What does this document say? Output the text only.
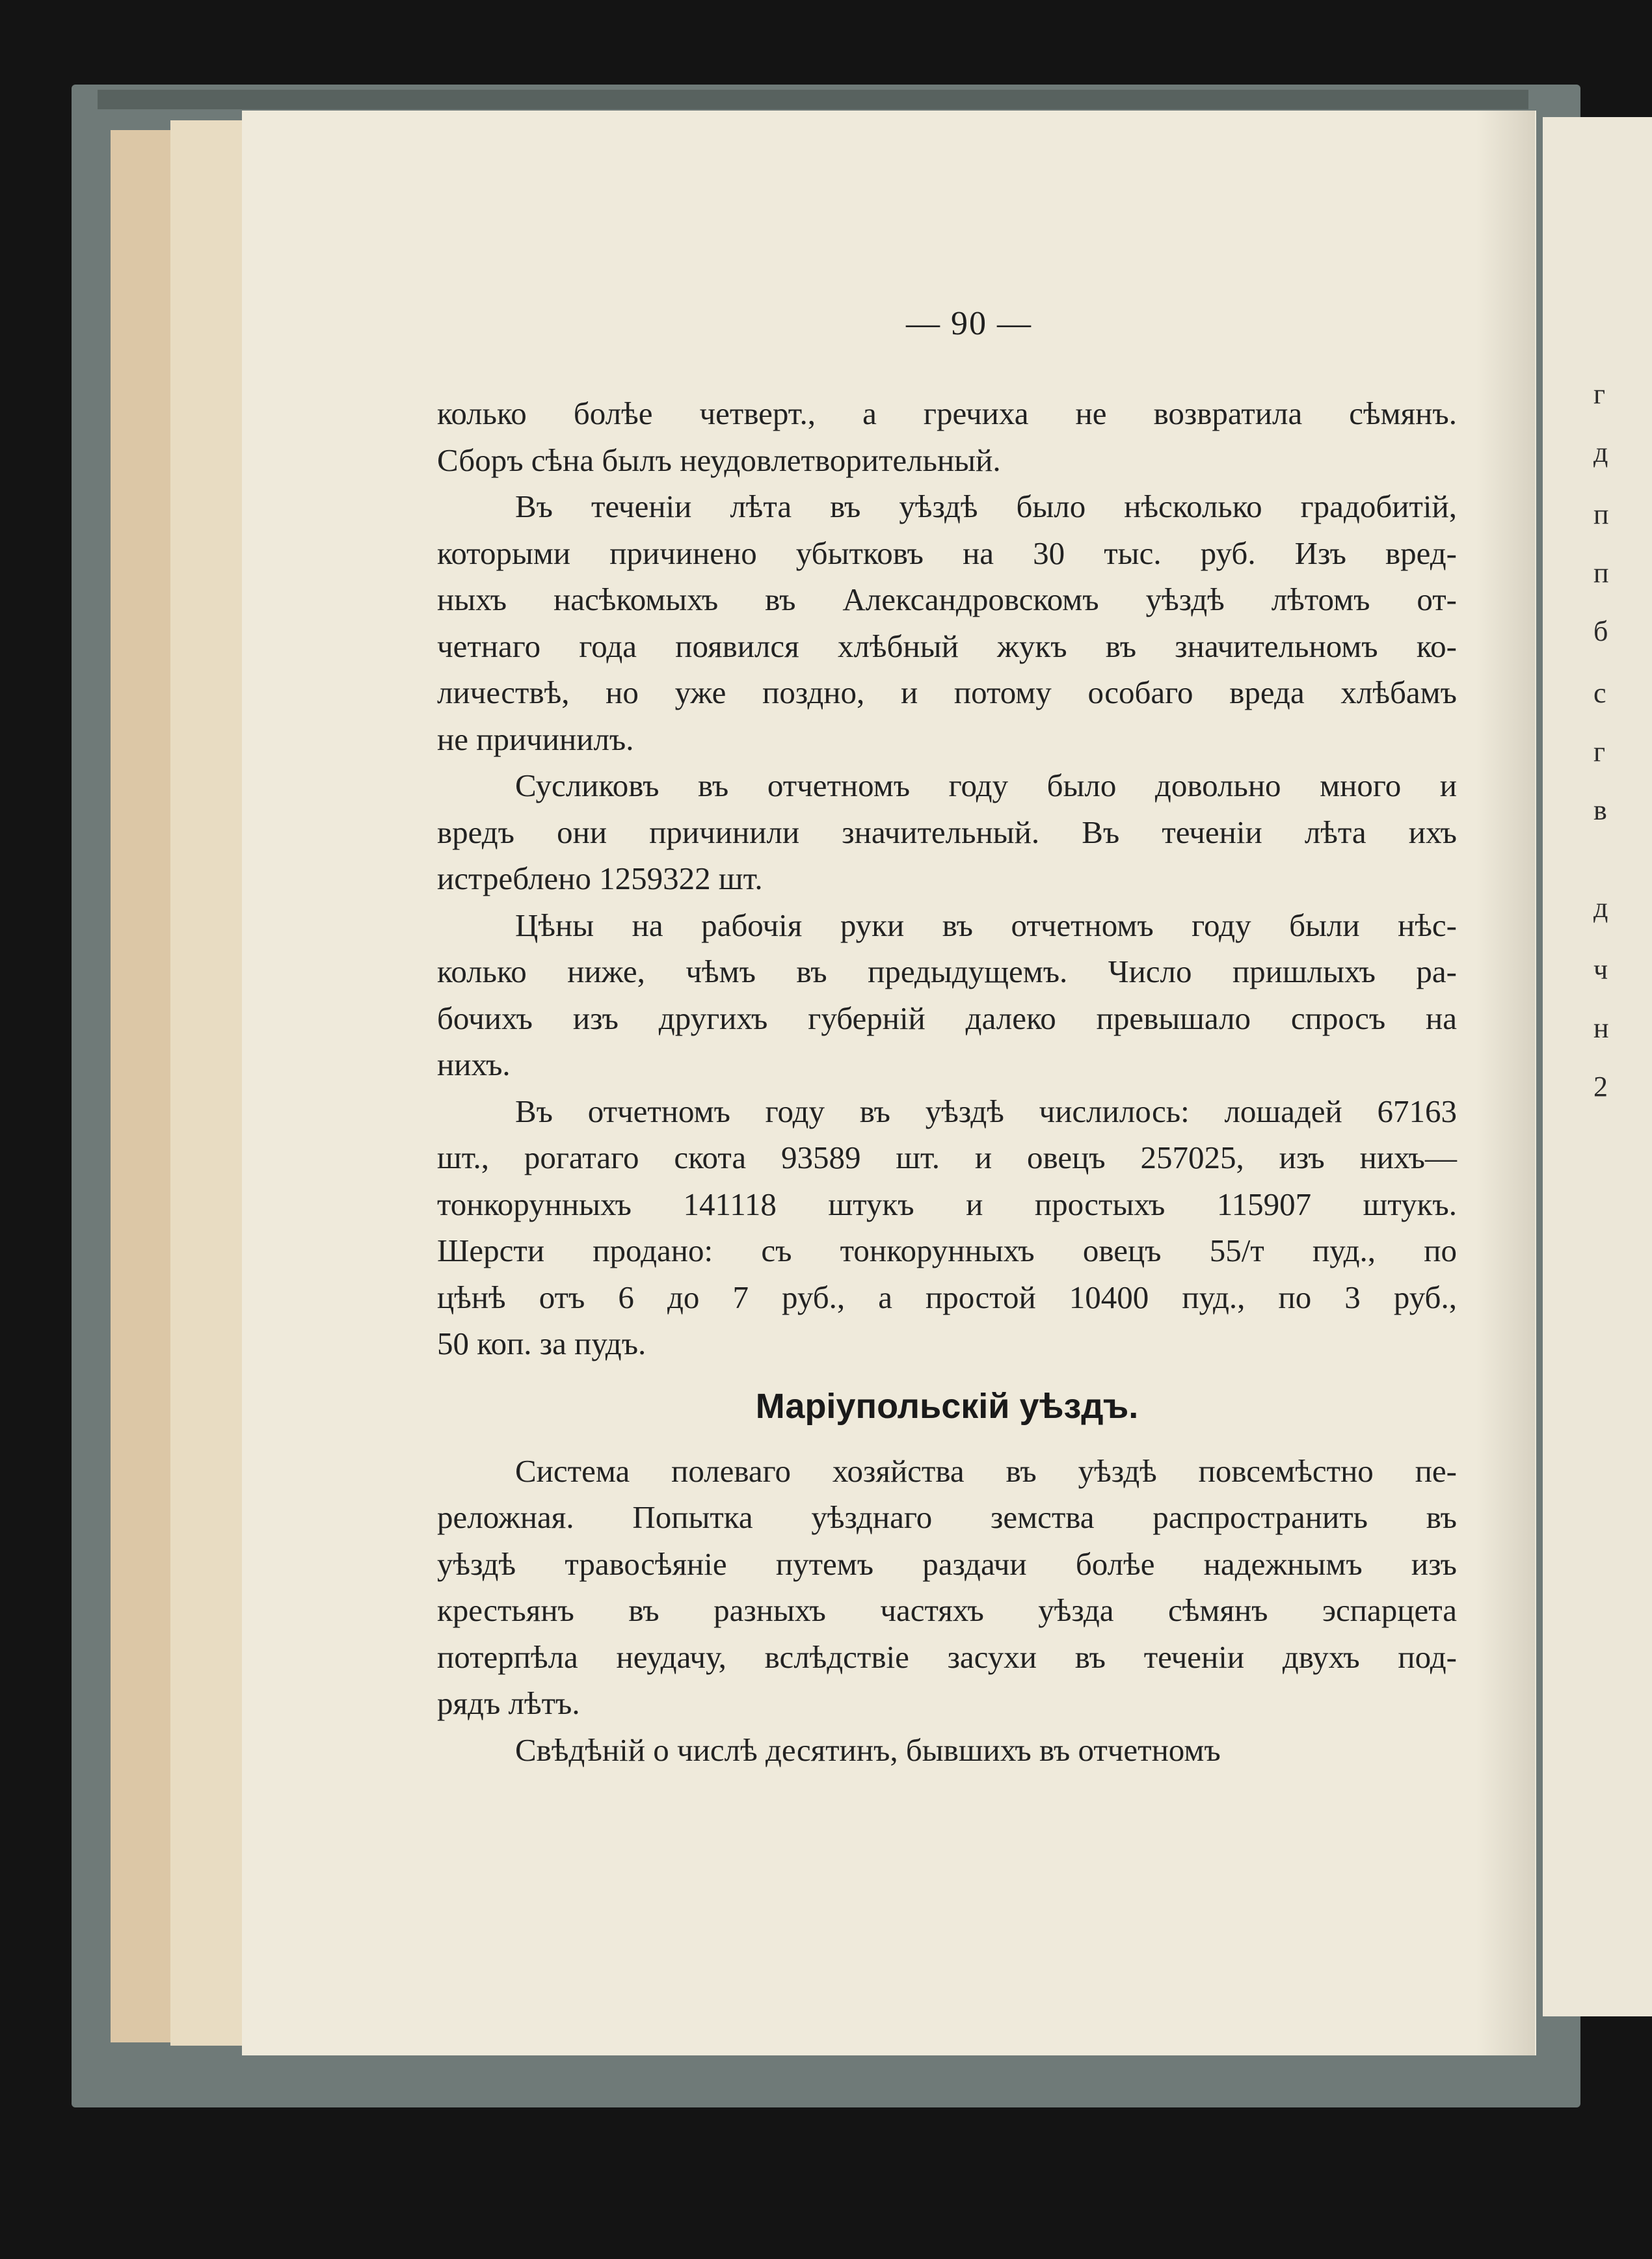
г
д
п
п
б
с
г
в
д
ч
н
2
— 90 —
колько болѣе четверт., а гречиха не возвратила сѣмянъ.
Сборъ сѣна былъ неудовлетворительный.
Въ теченіи лѣта въ уѣздѣ было нѣсколько градобитій,
которыми причинено убытковъ на 30 тыс. руб. Изъ вред-
ныхъ насѣкомыхъ въ Александровскомъ уѣздѣ лѣтомъ от-
четнаго года появился хлѣбный жукъ въ значительномъ ко-
личествѣ, но уже поздно, и потому особаго вреда хлѣбамъ
не причинилъ.
Сусликовъ въ отчетномъ году было довольно много и
вредъ они причинили значительный. Въ теченіи лѣта ихъ
истреблено 1259322 шт.
Цѣны на рабочія руки въ отчетномъ году были нѣс-
колько ниже, чѣмъ въ предыдущемъ. Число пришлыхъ ра-
бочихъ изъ другихъ губерній далеко превышало спросъ на
нихъ.
Въ отчетномъ году въ уѣздѣ числилось: лошадей 67163
шт., рогатаго скота 93589 шт. и овецъ 257025, изъ нихъ—
тонкорунныхъ 141118 штукъ и простыхъ 115907 штукъ.
Шерсти продано: съ тонкорунныхъ овецъ 55/т пуд., по
цѣнѣ отъ 6 до 7 руб., а простой 10400 пуд., по 3 руб.,
50 коп. за пудъ.
Маріупольскій уѣздъ.
Система полеваго хозяйства въ уѣздѣ повсемѣстно пе-
реложная. Попытка уѣзднаго земства распространить въ
уѣздѣ травосѣяніе путемъ раздачи болѣе надежнымъ изъ
крестьянъ въ разныхъ частяхъ уѣзда сѣмянъ эспарцета
потерпѣла неудачу, вслѣдствіе засухи въ теченіи двухъ под-
рядъ лѣтъ.
Свѣдѣній о числѣ десятинъ, бывшихъ въ отчетномъ
